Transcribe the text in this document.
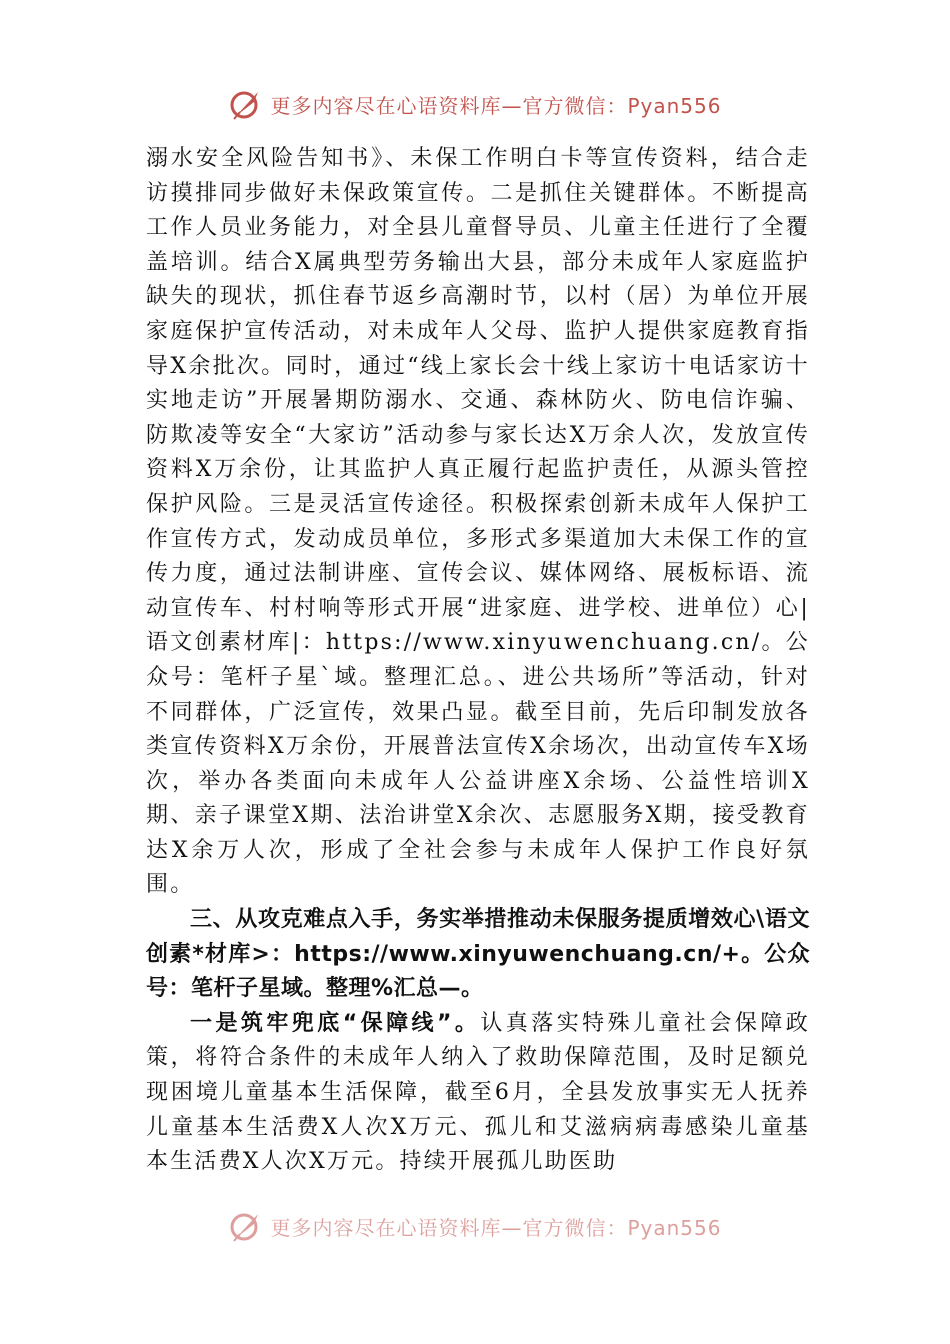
更多内容尽在心语资料库—官方微信：Pyan556

溺水安全风险告知书》、未保工作明白卡等宣传资料，结合走访摸排同步做好未保政策宣传。二是抓住关键群体。不断提高工作人员业务能力，对全县儿童督导员、儿童主任进行了全覆盖培训。结合X属典型劳务输出大县，部分未成年人家庭监护缺失的现状，抓住春节返乡高潮时节，以村（居）为单位开展家庭保护宣传活动，对未成年人父母、监护人提供家庭教育指导X余批次。同时，通过“线上家长会十线上家访十电话家访十实地走访”开展暑期防溺水、交通、森林防火、防电信诈骗、防欺凌等安全“大家访”活动参与家长达X万余人次，发放宣传资料X万余份，让其监护人真正履行起监护责任，从源头管控保护风险。三是灵活宣传途径。积极探索创新未成年人保护工作宣传方式，发动成员单位，多形式多渠道加大未保工作的宣传力度，通过法制讲座、宣传会议、媒体网络、展板标语、流动宣传车、村村响等形式开展“进家庭、进学校、进单位）心|语文创素材库|：https://www.xinyuwenchuang.cn/。公众号：笔杆子星`域。整理汇总。、进公共场所”等活动，针对不同群体，广泛宣传，效果凸显。截至目前，先后印制发放各类宣传资料X万余份，开展普法宣传X余场次，出动宣传车X场次，举办各类面向未成年人公益讲座X余场、公益性培训X期、亲子课堂X期、法治讲堂X余次、志愿服务X期，接受教育达X余万人次，形成了全社会参与未成年人保护工作良好氛围。

三、从攻克难点入手，务实举措推动未保服务提质增效心\语文创素*材库>：https://www.xinyuwenchuang.cn/+。公众号：笔杆子星域。整理%汇总—。

一是筑牢兜底“保障线”。认真落实特殊儿童社会保障政策，将符合条件的未成年人纳入了救助保障范围，及时足额兑现困境儿童基本生活保障，截至6月，全县发放事实无人抚养儿童基本生活费X人次X万元、孤儿和艾滋病病毒感染儿童基本生活费X人次X万元。持续开展孤儿助医助

更多内容尽在心语资料库—官方微信：Pyan556
